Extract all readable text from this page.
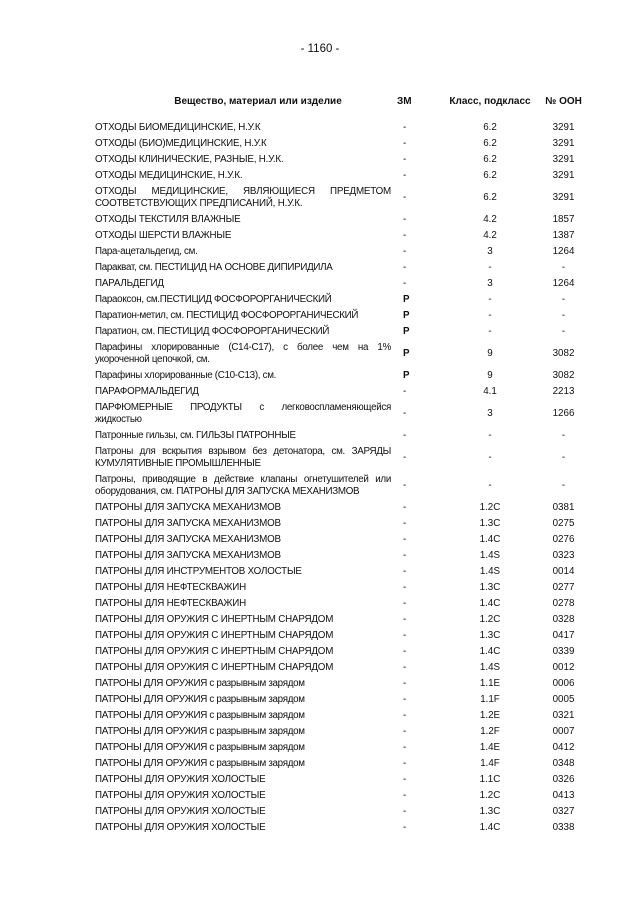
- 1160 -
Вещество, материал или изделие	ЗМ	Класс, подкласс	№ ООН
ОТХОДЫ БИОМЕДИЦИНСКИЕ, Н.У.К	-	6.2	3291
ОТХОДЫ (БИО)МЕДИЦИНСКИЕ, Н.У.К	-	6.2	3291
ОТХОДЫ КЛИНИЧЕСКИЕ, РАЗНЫЕ, Н.У.К.	-	6.2	3291
ОТХОДЫ МЕДИЦИНСКИЕ, Н.У.К.	-	6.2	3291
ОТХОДЫ МЕДИЦИНСКИЕ, ЯВЛЯЮЩИЕСЯ ПРЕДМЕТОМ СООТВЕТСТВУЮЩИХ ПРЕДПИСАНИЙ, Н.У.К.	-	6.2	3291
ОТХОДЫ ТЕКСТИЛЯ ВЛАЖНЫЕ	-	4.2	1857
ОТХОДЫ ШЕРСТИ ВЛАЖНЫЕ	-	4.2	1387
Пара-ацетальдегид, см.	-	3	1264
Паракват, см. ПЕСТИЦИД НА ОСНОВЕ ДИПИРИДИЛА	-	-	-
ПАРАЛЬДЕГИД	-	3	1264
Параоксон, см.ПЕСТИЦИД ФОСФОРОРГАНИЧЕСКИЙ	Р	-	-
Паратион-метил, см. ПЕСТИЦИД ФОСФОРОРГАНИЧЕСКИЙ	Р	-	-
Паратион, см. ПЕСТИЦИД ФОСФОРОРГАНИЧЕСКИЙ	Р	-	-
Парафины хлорированные (С14-С17), с более чем на 1% укороченной цепочкой, см.	Р	9	3082
Парафины хлорированные (С10-С13), см.	Р	9	3082
ПАРАФОРМАЛЬДЕГИД	-	4.1	2213
ПАРФЮМЕРНЫЕ ПРОДУКТЫ с легковоспламеняющейся жидкостью	-	3	1266
Патронные гильзы, см. ГИЛЬЗЫ ПАТРОННЫЕ	-	-	-
Патроны для вскрытия взрывом без детонатора, см. ЗАРЯДЫ КУМУЛЯТИВНЫЕ ПРОМЫШЛЕННЫЕ	-	-	-
Патроны, приводящие в действие клапаны огнетушителей или оборудования, см. ПАТРОНЫ ДЛЯ ЗАПУСКА МЕХАНИЗМОВ	-	-	-
ПАТРОНЫ ДЛЯ ЗАПУСКА МЕХАНИЗМОВ	-	1.2C	0381
ПАТРОНЫ ДЛЯ ЗАПУСКА МЕХАНИЗМОВ	-	1.3C	0275
ПАТРОНЫ ДЛЯ ЗАПУСКА МЕХАНИЗМОВ	-	1.4C	0276
ПАТРОНЫ ДЛЯ ЗАПУСКА МЕХАНИЗМОВ	-	1.4S	0323
ПАТРОНЫ ДЛЯ ИНСТРУМЕНТОВ ХОЛОСТЫЕ	-	1.4S	0014
ПАТРОНЫ ДЛЯ НЕФТЕСКВАЖИН	-	1.3C	0277
ПАТРОНЫ ДЛЯ НЕФТЕСКВАЖИН	-	1.4C	0278
ПАТРОНЫ ДЛЯ ОРУЖИЯ С ИНЕРТНЫМ СНАРЯДОМ	-	1.2C	0328
ПАТРОНЫ ДЛЯ ОРУЖИЯ С ИНЕРТНЫМ СНАРЯДОМ	-	1.3C	0417
ПАТРОНЫ ДЛЯ ОРУЖИЯ С ИНЕРТНЫМ СНАРЯДОМ	-	1.4C	0339
ПАТРОНЫ ДЛЯ ОРУЖИЯ С ИНЕРТНЫМ СНАРЯДОМ	-	1.4S	0012
ПАТРОНЫ ДЛЯ ОРУЖИЯ с разрывным зарядом	-	1.1E	0006
ПАТРОНЫ ДЛЯ ОРУЖИЯ с разрывным зарядом	-	1.1F	0005
ПАТРОНЫ ДЛЯ ОРУЖИЯ с разрывным зарядом	-	1.2E	0321
ПАТРОНЫ ДЛЯ ОРУЖИЯ с разрывным зарядом	-	1.2F	0007
ПАТРОНЫ ДЛЯ ОРУЖИЯ с разрывным зарядом	-	1.4E	0412
ПАТРОНЫ ДЛЯ ОРУЖИЯ с разрывным зарядом	-	1.4F	0348
ПАТРОНЫ ДЛЯ ОРУЖИЯ ХОЛОСТЫЕ	-	1.1C	0326
ПАТРОНЫ ДЛЯ ОРУЖИЯ ХОЛОСТЫЕ	-	1.2C	0413
ПАТРОНЫ ДЛЯ ОРУЖИЯ ХОЛОСТЫЕ	-	1.3C	0327
ПАТРОНЫ ДЛЯ ОРУЖИЯ ХОЛОСТЫЕ	-	1.4C	0338
